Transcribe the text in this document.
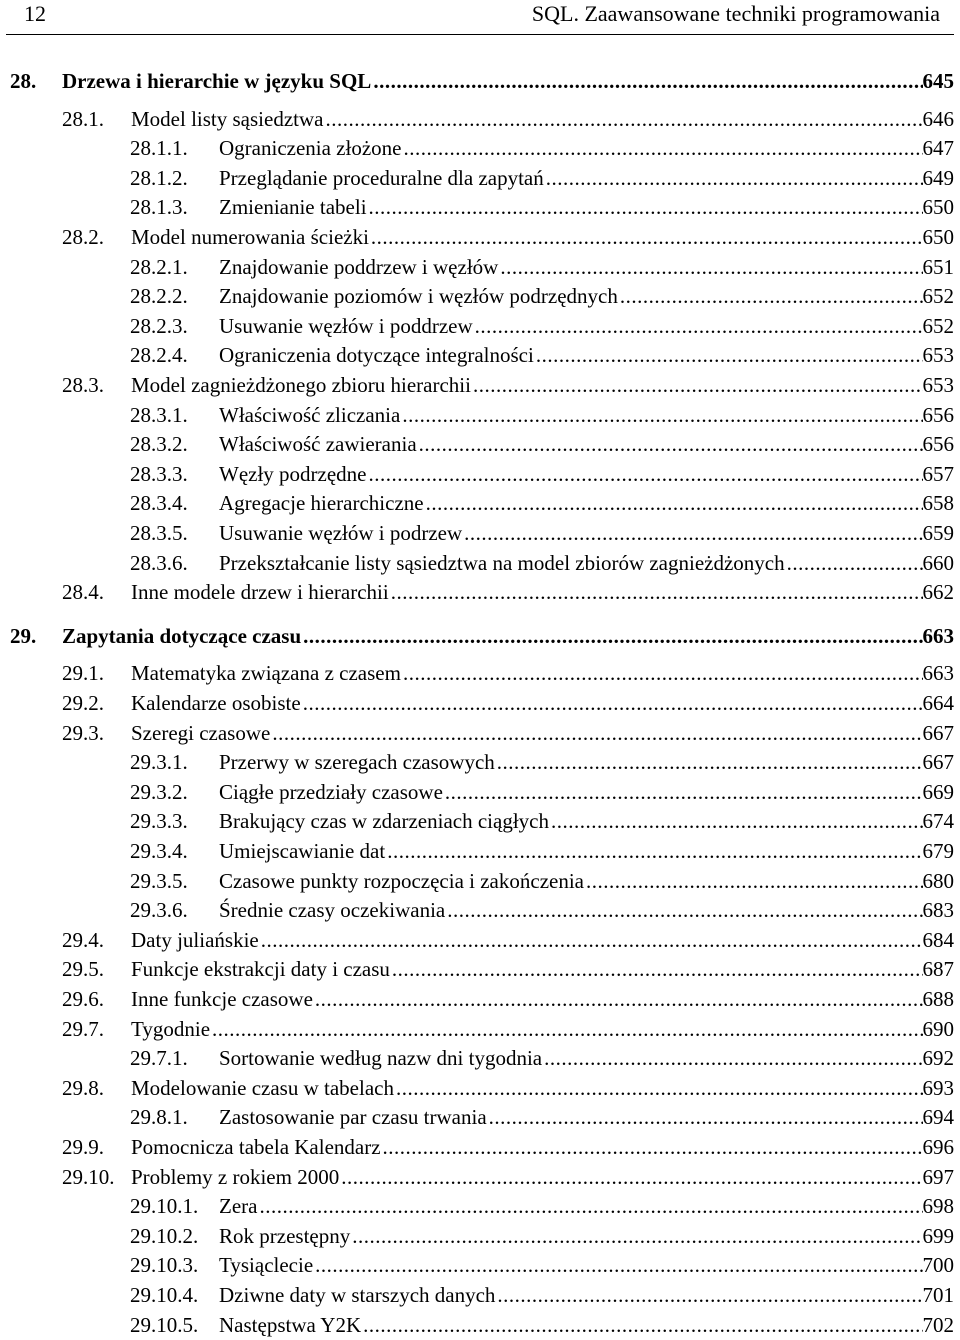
12	SQL. Zaawansowane techniki programowania
28. Drzewa i hierarchie w języku SQL .....	645
28.1. Model listy sąsiedztwa .....	646
28.1.1. Ograniczenia złożone .....	647
28.1.2. Przeglądanie proceduralne dla zapytań .....	649
28.1.3. Zmienianie tabeli .....	650
28.2. Model numerowania ścieżki .....	650
28.2.1. Znajdowanie poddrzew i węzłów .....	651
28.2.2. Znajdowanie poziomów i węzłów podrzędnych .....	652
28.2.3. Usuwanie węzłów i poddrzew .....	652
28.2.4. Ograniczenia dotyczące integralności .....	653
28.3. Model zagnieżdżonego zbioru hierarchii .....	653
28.3.1. Właściwość zliczania .....	656
28.3.2. Właściwość zawierania .....	656
28.3.3. Węzły podrzędne .....	657
28.3.4. Agregacje hierarchiczne .....	658
28.3.5. Usuwanie węzłów i podrzew .....	659
28.3.6. Przekształcanie listy sąsiedztwa na model zbiorów zagnieżdżonych .....	660
28.4. Inne modele drzew i hierarchii .....	662
29. Zapytania dotyczące czasu .....	663
29.1. Matematyka związana z czasem .....	663
29.2. Kalendarze osobiste .....	664
29.3. Szeregi czasowe .....	667
29.3.1. Przerwy w szeregach czasowych .....	667
29.3.2. Ciągłe przedziały czasowe .....	669
29.3.3. Brakujący czas w zdarzeniach ciągłych .....	674
29.3.4. Umiejscawianie dat .....	679
29.3.5. Czasowe punkty rozpoczęcia i zakończenia .....	680
29.3.6. Średnie czasy oczekiwania .....	683
29.4. Daty juliańskie .....	684
29.5. Funkcje ekstrakcji daty i czasu .....	687
29.6. Inne funkcje czasowe .....	688
29.7. Tygodnie .....	690
29.7.1. Sortowanie według nazw dni tygodnia .....	692
29.8. Modelowanie czasu w tabelach .....	693
29.8.1. Zastosowanie par czasu trwania .....	694
29.9. Pomocnicza tabela Kalendarz .....	696
29.10. Problemy z rokiem 2000 .....	697
29.10.1. Zera .....	698
29.10.2. Rok przestępny .....	699
29.10.3. Tysiąclecie .....	700
29.10.4. Dziwne daty w starszych danych .....	701
29.10.5. Następstwa Y2K .....	702
